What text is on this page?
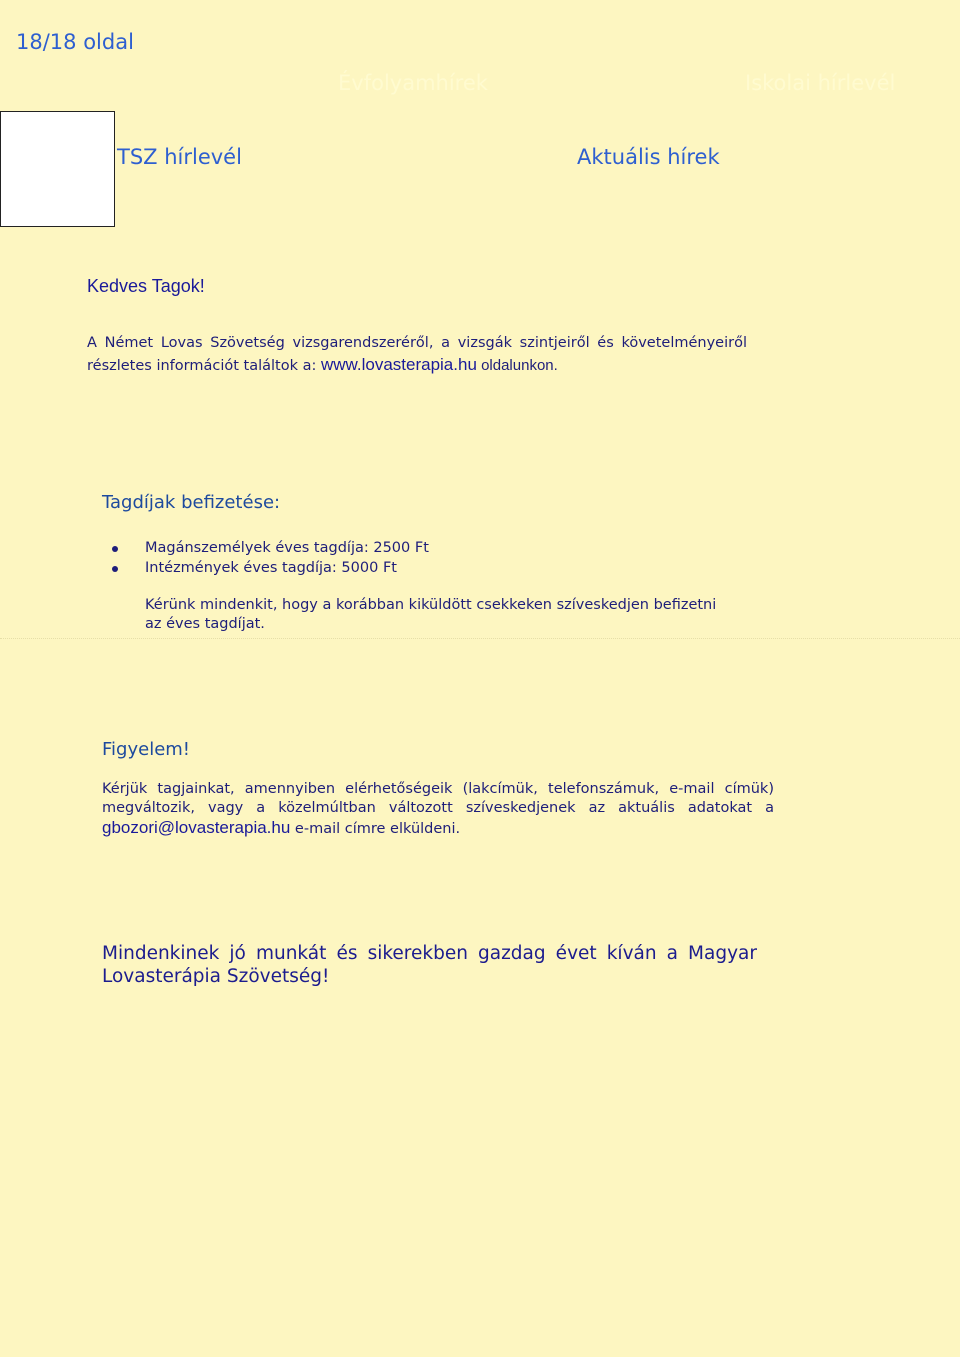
18/18 oldal
Évfolyamhírek	Iskolai hírlevél
TSZ hírlevél	Aktuális hírek
Kedves Tagok!
A Német Lovas Szövetség vizsgarendszeréről, a vizsgák szintjeiről és követelményeiről részletes információt találtok a: www.lovasterapia.hu oldalunkon.
Tagdíjak befizetése:
Magánszemélyek éves tagdíja: 2500 Ft
Intézmények éves tagdíja: 5000 Ft
Kérünk mindenkit, hogy a korábban kiküldött csekkeken szíveskedjen befizetni az éves tagdíjat.
Figyelem!
Kérjük tagjainkat, amennyiben elérhetőségeik (lakcímük, telefonszámuk, e-mail címük) megváltozik, vagy a közelmúltban változott szíveskedjenek az aktuális adatokat a gbozori@lovasterapia.hu e-mail címre elküldeni.
Mindenkinek jó munkát és sikerekben gazdag évet kíván a Magyar Lovasterápia Szövetség!
